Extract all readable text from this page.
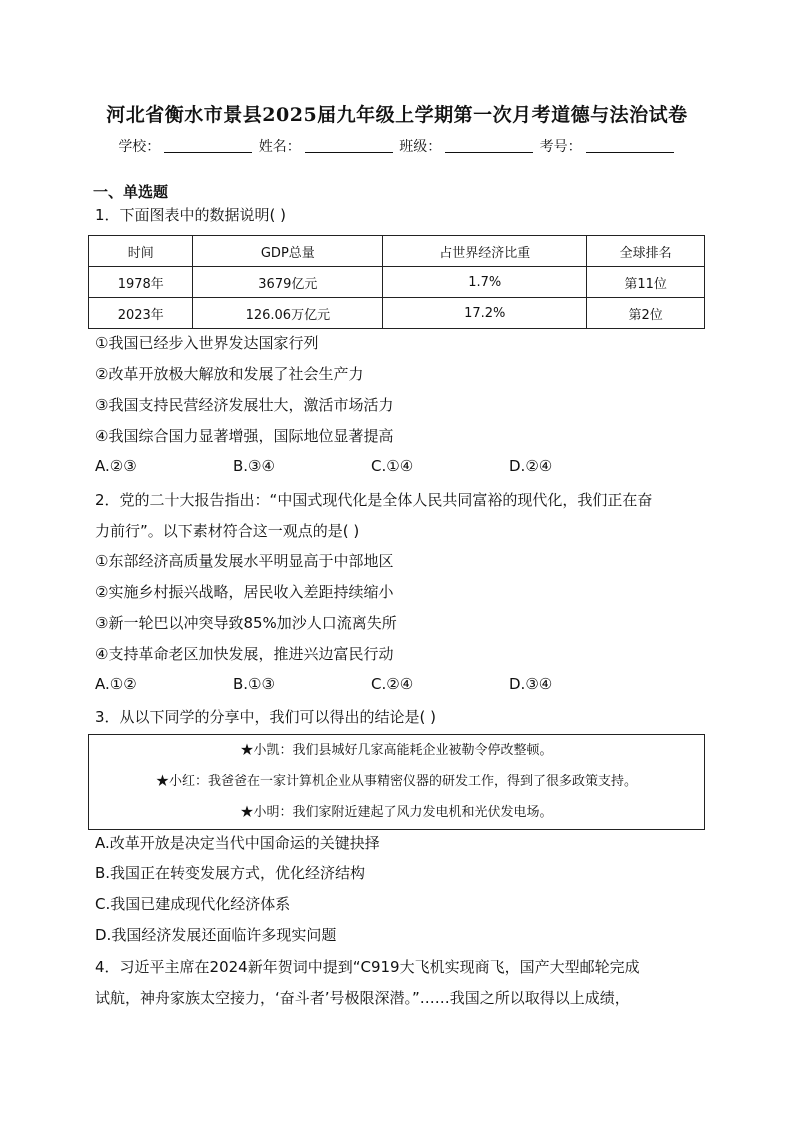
河北省衡水市景县2025届九年级上学期第一次月考道德与法治试卷
学校：	姓名：	班级：	考号：
一、单选题
1．下面图表中的数据说明( )
时间	GDP总量	占世界经济比重	全球排名
1978年	3679亿元	1.7%	第11位
2023年	126.06万亿元	17.2%	第2位
①我国已经步入世界发达国家行列
②改革开放极大解放和发展了社会生产力
③我国支持民营经济发展壮大，激活市场活力
④我国综合国力显著增强，国际地位显著提高
A.②③	B.③④	C.①④	D.②④
2．党的二十大报告指出：“中国式现代化是全体人民共同富裕的现代化，我们正在奋
力前行”。以下素材符合这一观点的是( )
①东部经济高质量发展水平明显高于中部地区
②实施乡村振兴战略，居民收入差距持续缩小
③新一轮巴以冲突导致85%加沙人口流离失所
④支持革命老区加快发展，推进兴边富民行动
A.①②	B.①③	C.②④	D.③④
3．从以下同学的分享中，我们可以得出的结论是( )
★小凯：我们县城好几家高能耗企业被勒令停改整顿。
★小红：我爸爸在一家计算机企业从事精密仪器的研发工作，得到了很多政策支持。
★小明：我们家附近建起了风力发电机和光伏发电场。
A.改革开放是决定当代中国命运的关键抉择
B.我国正在转变发展方式，优化经济结构
C.我国已建成现代化经济体系
D.我国经济发展还面临许多现实问题
4．习近平主席在2024新年贺词中提到“C919大飞机实现商飞，国产大型邮轮完成
试航，神舟家族太空接力，‘奋斗者’号极限深潜。”……我国之所以取得以上成绩，
